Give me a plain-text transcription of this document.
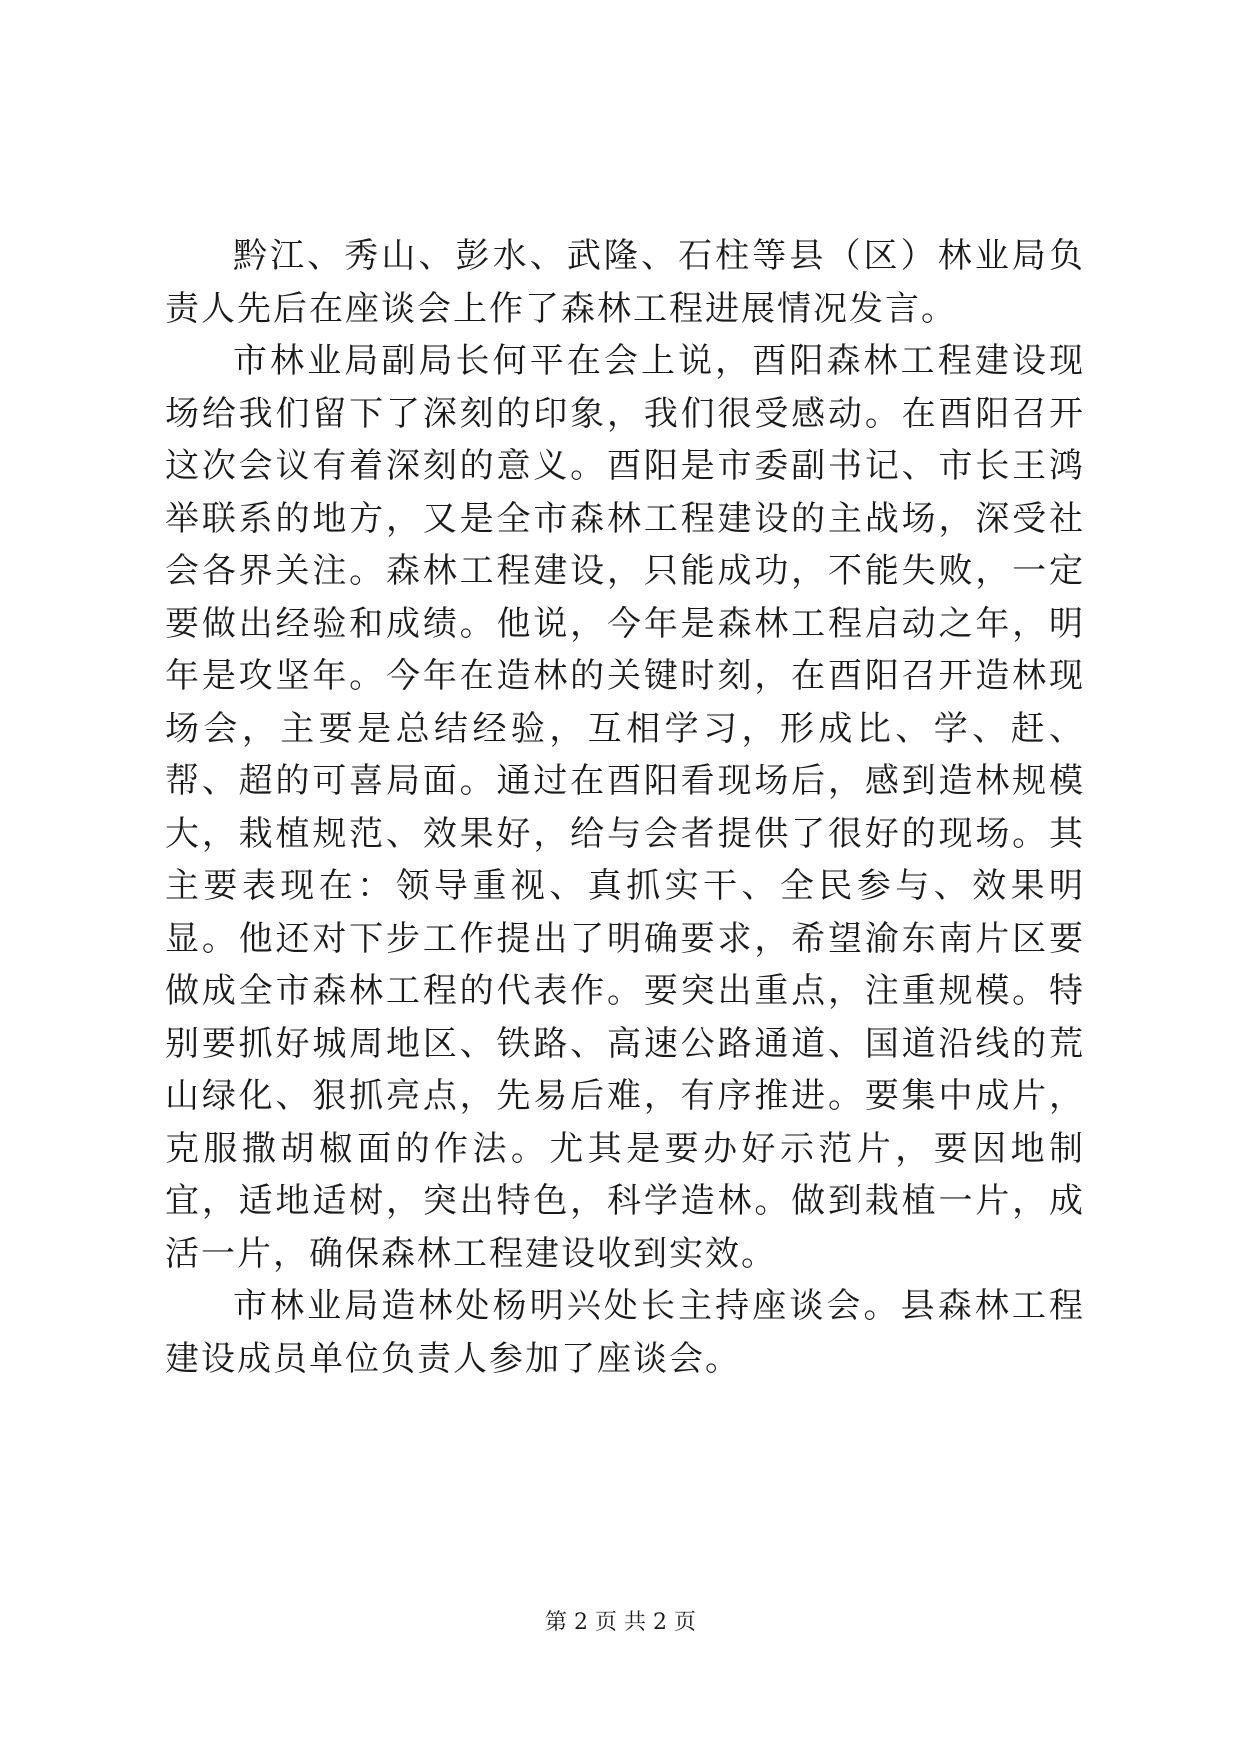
黔江、秀山、彭水、武隆、石柱等县（区）林业局负责人先后在座谈会上作了森林工程进展情况发言。

市林业局副局长何平在会上说，酉阳森林工程建设现场给我们留下了深刻的印象，我们很受感动。在酉阳召开这次会议有着深刻的意义。酉阳是市委副书记、市长王鸿举联系的地方，又是全市森林工程建设的主战场，深受社会各界关注。森林工程建设，只能成功，不能失败，一定要做出经验和成绩。他说，今年是森林工程启动之年，明年是攻坚年。今年在造林的关键时刻，在酉阳召开造林现场会，主要是总结经验，互相学习，形成比、学、赶、帮、超的可喜局面。通过在酉阳看现场后，感到造林规模大，栽植规范、效果好，给与会者提供了很好的现场。其主要表现在：领导重视、真抓实干、全民参与、效果明显。他还对下步工作提出了明确要求，希望渝东南片区要做成全市森林工程的代表作。要突出重点，注重规模。特别要抓好城周地区、铁路、高速公路通道、国道沿线的荒山绿化、狠抓亮点，先易后难，有序推进。要集中成片，克服撒胡椒面的作法。尤其是要办好示范片，要因地制宜，适地适树，突出特色，科学造林。做到栽植一片，成活一片，确保森林工程建设收到实效。

市林业局造林处杨明兴处长主持座谈会。县森林工程建设成员单位负责人参加了座谈会。

第 2 页 共 2 页
